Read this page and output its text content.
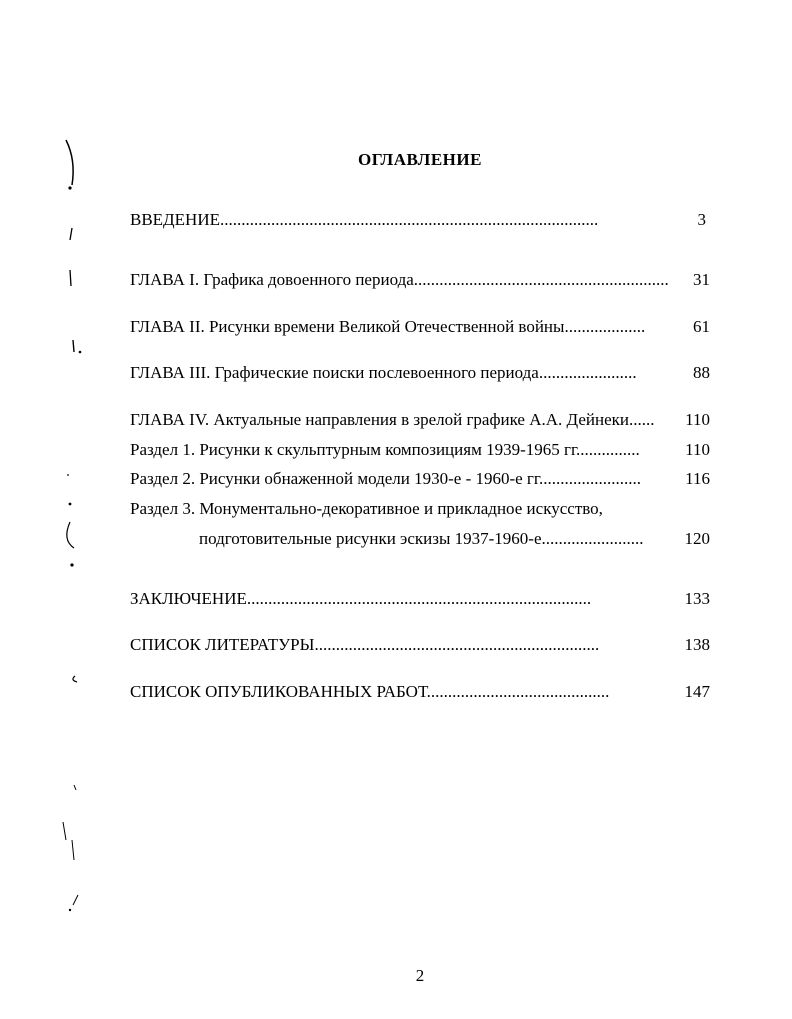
ОГЛАВЛЕНИЕ
ВВЕДЕНИЕ.........................................................................................	3
ГЛАВА I. Графика довоенного периода............................................................ 31
ГЛАВА II. Рисунки времени Великой Отечественной войны...................	61
ГЛАВА III. Графические поиски послевоенного периода.......................	88
ГЛАВА IV. Актуальные направления в зрелой графике А.А. Дейнеки...... 110
Раздел 1. Рисунки к скульптурным композициям 1939-1965 гг...............	110
Раздел 2. Рисунки обнаженной модели 1930-е - 1960-е гг........................	116
Раздел 3. Монументально-декоративное и прикладное искусство,
подготовительные рисунки эскизы 1937-1960-е........................ 120
ЗАКЛЮЧЕНИЕ.................................................................................	133
СПИСОК ЛИТЕРАТУРЫ...................................................................	138
СПИСОК ОПУБЛИКОВАННЫХ РАБОТ...........................................	147
2
